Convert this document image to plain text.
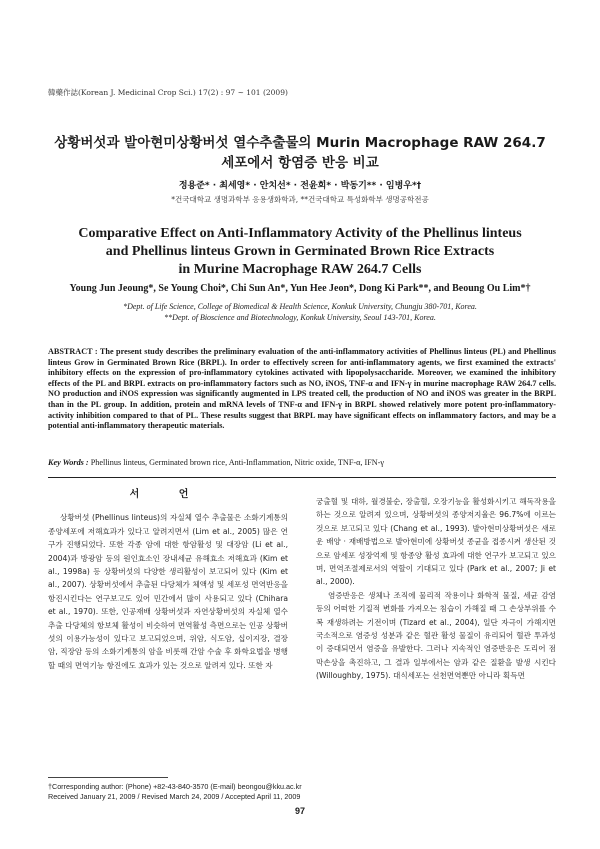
韓藥作誌(Korean J. Medicinal Crop Sci.) 17(2) : 97 ~ 101 (2009)
상황버섯과 발아현미상황버섯 열수추출물의 Murin Macrophage RAW 264.7
세포에서 항염증 반응 비교
정용준* · 최세영* · 안치선* · 전윤희* · 박동기** · 임병우*†
*건국대학교 생명과학부 응용생화학과, **건국대학교 특성화학부 생명공학전공
Comparative Effect on Anti-Inflammatory Activity of the Phellinus linteus
and Phellinus linteus Grown in Germinated Brown Rice Extracts
in Murine Macrophage RAW 264.7 Cells
Young Jun Jeoung*, Se Young Choi*, Chi Sun An*, Yun Hee Jeon*, Dong Ki Park**, and Beoung Ou Lim*†
*Dept. of Life Science, College of Biomedical & Health Science, Konkuk University, Chungju 380-701, Korea.
**Dept. of Bioscience and Biotechnology, Konkuk University, Seoul 143-701, Korea.
ABSTRACT : The present study describes the preliminary evaluation of the anti-inflammatory activities of Phellinus linteus (PL) and Phellinus linteus Grow in Germinated Brown Rice (BRPL). In order to effectively screen for anti-inflammatory agents, we first examined the extracts' inhibitory effects on the expression of pro-inflammatory cytokines activated with lipopolysaccharide. Moreover, we examined the inhibitory effects of the PL and BRPL extracts on pro-inflammatory factors such as NO, iNOS, TNF-α and IFN-γ in murine macrophage RAW 264.7 cells. NO production and iNOS expression was significantly augmented in LPS treated cell, the production of NO and iNOS was greater in the BRPL than in the PL group. In addition, protein and mRNA levels of TNF-α and IFN-γ in BRPL showed relatively more potent pro-inflammatory-activity inhibition compared to that of PL. These results suggest that BRPL may have significant effects on inflammatory factors, and may be a potential anti-inflammatory therapeutic materials.
Key Words : Phellinus linteus, Germinated brown rice, Anti-Inflammation, Nitric oxide, TNF-α, IFN-γ
서 언

상황버섯 (Phellinus linteus)의 자실체 열수 추출물은 소화기계통의 종양세포에 저해효과가 있다고 알려지면서 (Lim et al., 2005) 많은 연구가 진행되었다. 또한 각종 암에 대한 항암활성 및 대장암 (Li et al., 2004)과 방광암 등의 원인효소인 장내세균 유해효소 저해효과 (Kim et al., 1998a) 등 상황버섯의 다양한 생리활성이 보고되어 있다 (Kim et al., 2007). 상황버섯에서 추출된 다당체가 체액성 및 세포성 면역반응을 항진시킨다는 연구보고도 있어 민간에서 많이 사용되고 있다 (Chihara et al., 1970). 또한, 인공재배 상황버섯과 자연상황버섯의 자실체 열수추출 다당체의 항보체 활성이 비슷하여 면역활성 측면으로는 인공 상황버섯의 이용가능성이 있다고 보고되었으며, 위암, 식도암, 십이지장, 결장암, 직장암 등의 소화기계통의 암을 비롯해 간암 수술 후 화학요법을 병행할 때의 면역기능 항진에도 효과가 있는 것으로 알려져 있다. 또한 자

궁출혈 및 대하, 월경불순, 장출혈, 오장기능을 활성화시키고 해독작용을 하는 것으로 알려져 있으며, 상황버섯의 종양저지율은 96.7%에 이르는 것으로 보고되고 있다 (Chang et al., 1993). 발아현미상황버섯은 새로운 배양 · 재배방법으로 발아현미에 상황버섯 종균을 접종시켜 생산된 것으로 암세포 성장억제 및 항종양 활성 효과에 대한 연구가 보고되고 있으며, 면역조절제로서의 역할이 기대되고 있다 (Park et al., 2007; Ji et al., 2000).

염증반응은 생체나 조직에 물리적 작용이나 화학적 물질, 세균 감염 등의 어떠한 기질적 변화를 가져오는 침습이 가해질 때 그 손상부위를 수복 재생하려는 기전이며 (Tizard et al., 2004), 일단 자극이 가해지면 국소적으로 염증성 성분과 같은 혈관 활성 물질이 유리되어 혈관 투과성이 증대되면서 염증을 유발한다. 그러나 지속적인 염증반응은 도리어 점막손상을 촉진하고, 그 결과 일부에서는 암과 같은 질환을 발생 시킨다 (Willoughby, 1975). 대식세포는 선천면역뿐만 아니라 획득면

†Corresponding author: (Phone) +82-43-840-3570 (E-mail) beongou@kku.ac.kr
Received January 21, 2009 / Revised March 24, 2009 / Accepted April 11, 2009
97
